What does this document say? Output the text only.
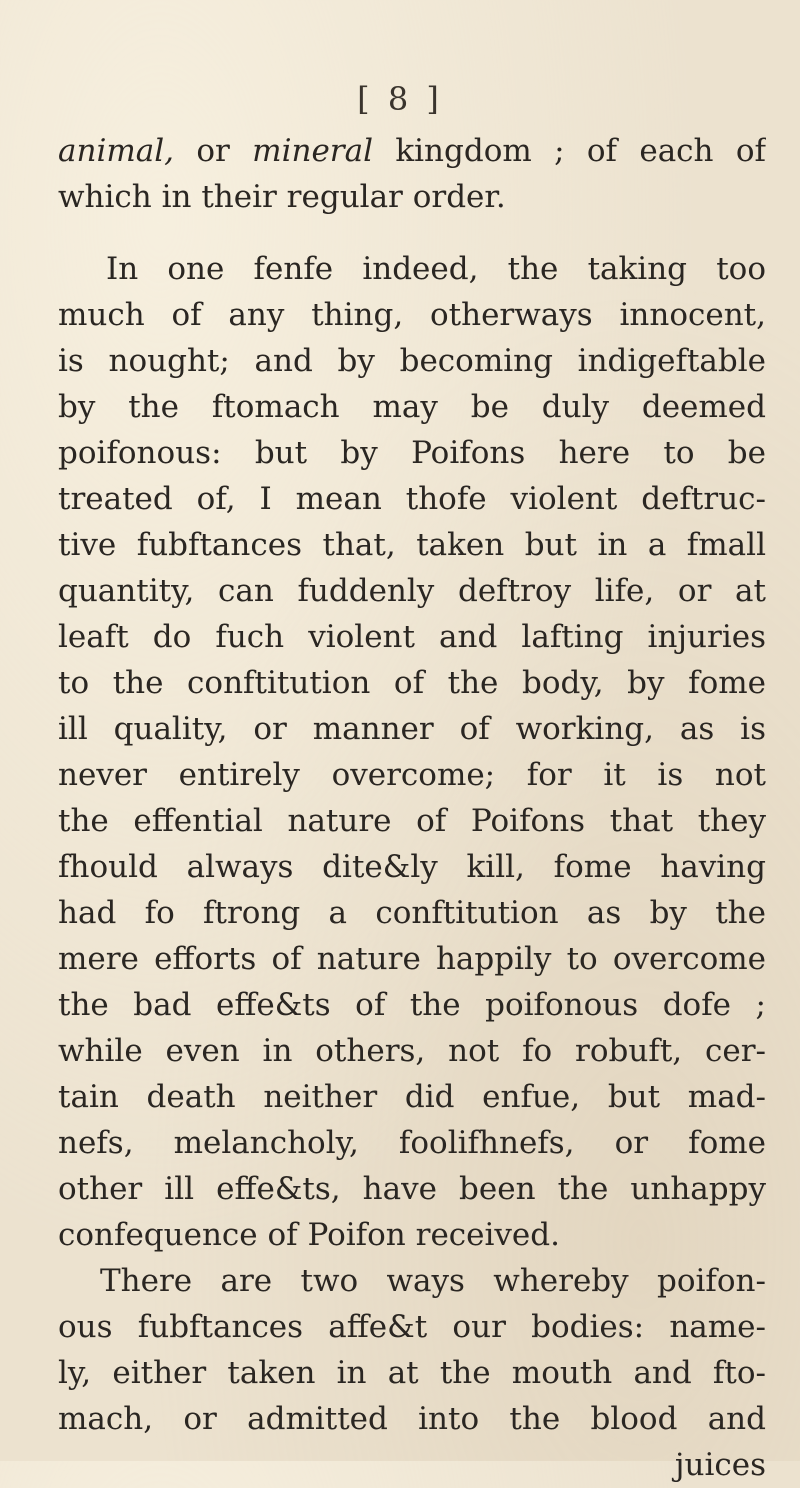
[ 8 ]
animal, or mineral kingdom ; of each of
which in their regular order.
In one fenfe indeed, the taking too
much of any thing, otherways innocent,
is nought; and by becoming indigeftable
by the ftomach may be duly deemed
poifonous: but by Poifons here to be
treated of, I mean thofe violent deftruc-
tive fubftances that, taken but in a fmall
quantity, can fuddenly deftroy life, or at
leaft do fuch violent and lafting injuries
to the conftitution of the body, by fome
ill quality, or manner of working, as is
never entirely overcome; for it is not
the effential nature of Poifons that they
fhould always dite&ly kill, fome having
had fo ftrong a conftitution as by the
mere efforts of nature happily to overcome
the bad effe&ts of the poifonous dofe ;
while even in others, not fo robuft, cer-
tain death neither did enfue, but mad-
nefs, melancholy, foolifhnefs, or fome
other ill effe&ts, have been the unhappy
confequence of Poifon received.
There are two ways whereby poifon-
ous fubftances affe&t our bodies: name-
ly, either taken in at the mouth and fto-
mach, or admitted into the blood and
juices
